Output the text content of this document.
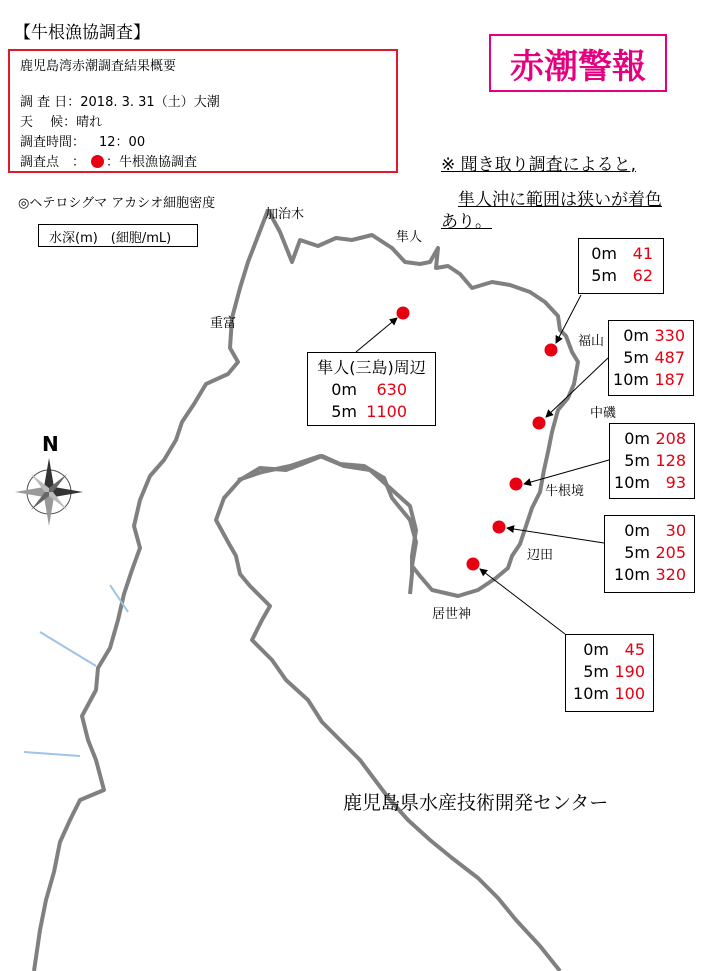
【牛根漁協調査】
鹿児島湾赤潮調査結果概要
調 査 日：2018. 3. 31（土）大潮
天　 候：晴れ
調査時間： 12：00
調査点　： ：牛根漁協調査
赤潮警報
※ 聞き取り調査によると,
　隼人沖に範囲は狭いが着色
あり。
◎ヘテロシグマ アカシオ細胞密度
水深(m)　(細胞/mL)
加治木
隼人
重富
福山
中磯
牛根境
辺田
居世神
N
隼人(三島)周辺
0m	630
5m 1100
0m 41
5m 62
0m 330
5m 487
10m 187
0m 208
5m 128
10m 93
0m 30
5m 205
10m 320
0m 45
5m 190
10m 100
鹿児島県水産技術開発センター
